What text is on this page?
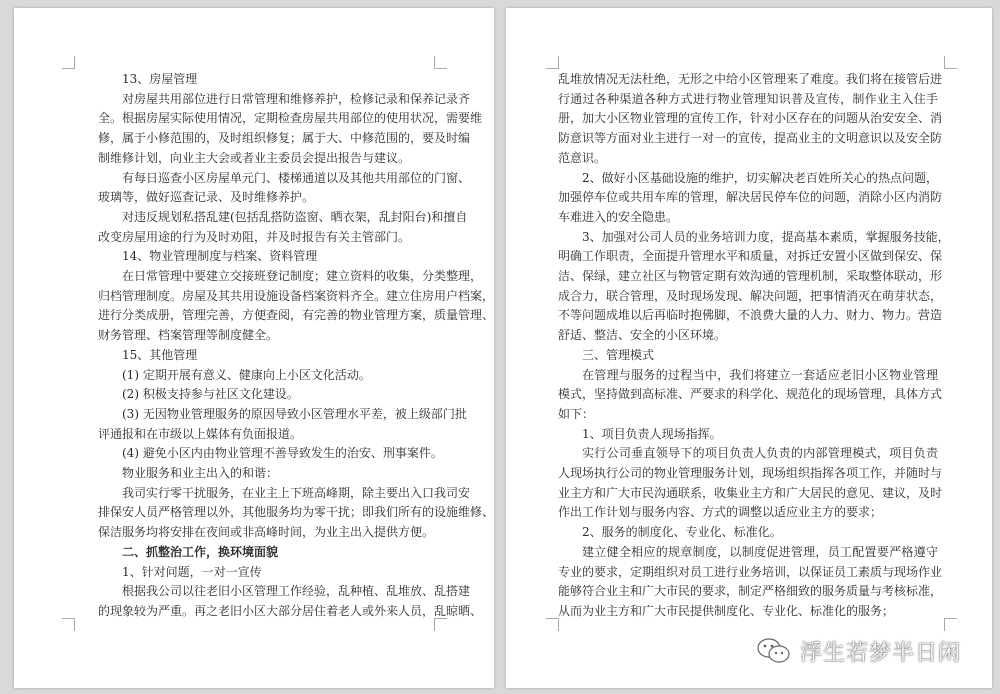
13、房屋管理

对房屋共用部位进行日常管理和维修养护，检修记录和保养记录齐

全。根据房屋实际使用情况，定期检查房屋共用部位的使用状况，需要维

修，属于小修范围的，及时组织修复；属于大、中修范围的，要及时编

制维修计划，向业主大会或者业主委员会提出报告与建议。

有每日巡查小区房屋单元门、楼梯通道以及其他共用部位的门窗、

玻璃等，做好巡查记录、及时维修养护。

对违反规划私搭乱建(包括乱搭防盗窗、晒衣架，乱封阳台)和擅自

改变房屋用途的行为及时劝阻，并及时报告有关主管部门。

14、物业管理制度与档案、资料管理

在日常管理中要建立交接班登记制度；建立资料的收集，分类整理，

归档管理制度。房屋及其共用设施设备档案资料齐全。建立住房用户档案，

进行分类成册，管理完善，方便查阅，有完善的物业管理方案，质量管理、

财务管理、档案管理等制度健全。

15、其他管理

(1) 定期开展有意义、健康向上小区文化活动。

(2) 积极支持参与社区文化建设。

(3) 无因物业管理服务的原因导致小区管理水平差，被上级部门批

评通报和在市级以上媒体有负面报道。

(4) 避免小区内由物业管理不善导致发生的治安、刑事案件。

物业服务和业主出入的和谐：

我司实行零干扰服务，在业主上下班高峰期，除主要出入口我司安

排保安人员严格管理以外，其他服务均为零干扰；即我们所有的设施维修、

保洁服务均将安排在夜间或非高峰时间，为业主出入提供方便。

二、抓整治工作，换环境面貌

1、针对问题，一对一宣传

根据我公司以往老旧小区管理工作经验，乱种植、乱堆放、乱搭建

的现象较为严重。再之老旧小区大部分居住着老人或外来人员，乱晾晒、

乱堆放情况无法杜绝，无形之中给小区管理来了难度。我们将在接管后进

行通过各种渠道各种方式进行物业管理知识普及宣传，制作业主入住手

册，加大小区物业管理的宣传工作，针对小区存在的问题从治安安全、消

防意识等方面对业主进行一对一的宣传，提高业主的文明意识以及安全防

范意识。

2、做好小区基础设施的维护，切实解决老百姓所关心的热点问题，

加强停车位或共用车库的管理，解决居民停车位的问题，消除小区内消防

车难进入的安全隐患。

3、加强对公司人员的业务培训力度，提高基本素质，掌握服务技能，

明确工作职责，全面提升管理水平和质量，对拆迁安置小区做到保安、保

洁、保绿，建立社区与物管定期有效沟通的管理机制，采取整体联动，形

成合力，联合管理，及时现场发现、解决问题，把事情消灭在萌芽状态，

不等问题成堆以后再临时抱佛脚，不浪费大量的人力、财力、物力。营造

舒适、整洁、安全的小区环境。

三、管理模式

在管理与服务的过程当中，我们将建立一套适应老旧小区物业管理

模式，坚持做到高标准、严要求的科学化、规范化的现场管理，具体方式

如下：

1、项目负责人现场指挥。

实行公司垂直领导下的项目负责人负责的内部管理模式，项目负责

人现场执行公司的物业管理服务计划，现场组织指挥各项工作，并随时与

业主方和广大市民沟通联系，收集业主方和广大居民的意见、建议，及时

作出工作计划与服务内容、方式的调整以适应业主方的要求；

2、服务的制度化、专业化、标准化。

建立健全相应的规章制度，以制度促进管理，员工配置要严格遵守

专业的要求，定期组织对员工进行业务培训，以保证员工素质与现场作业

能够符合业主和广大市民的要求，制定严格细致的服务质量与考核标准，

从而为业主方和广大市民提供制度化、专业化、标准化的服务；

浮生若梦半日闲
